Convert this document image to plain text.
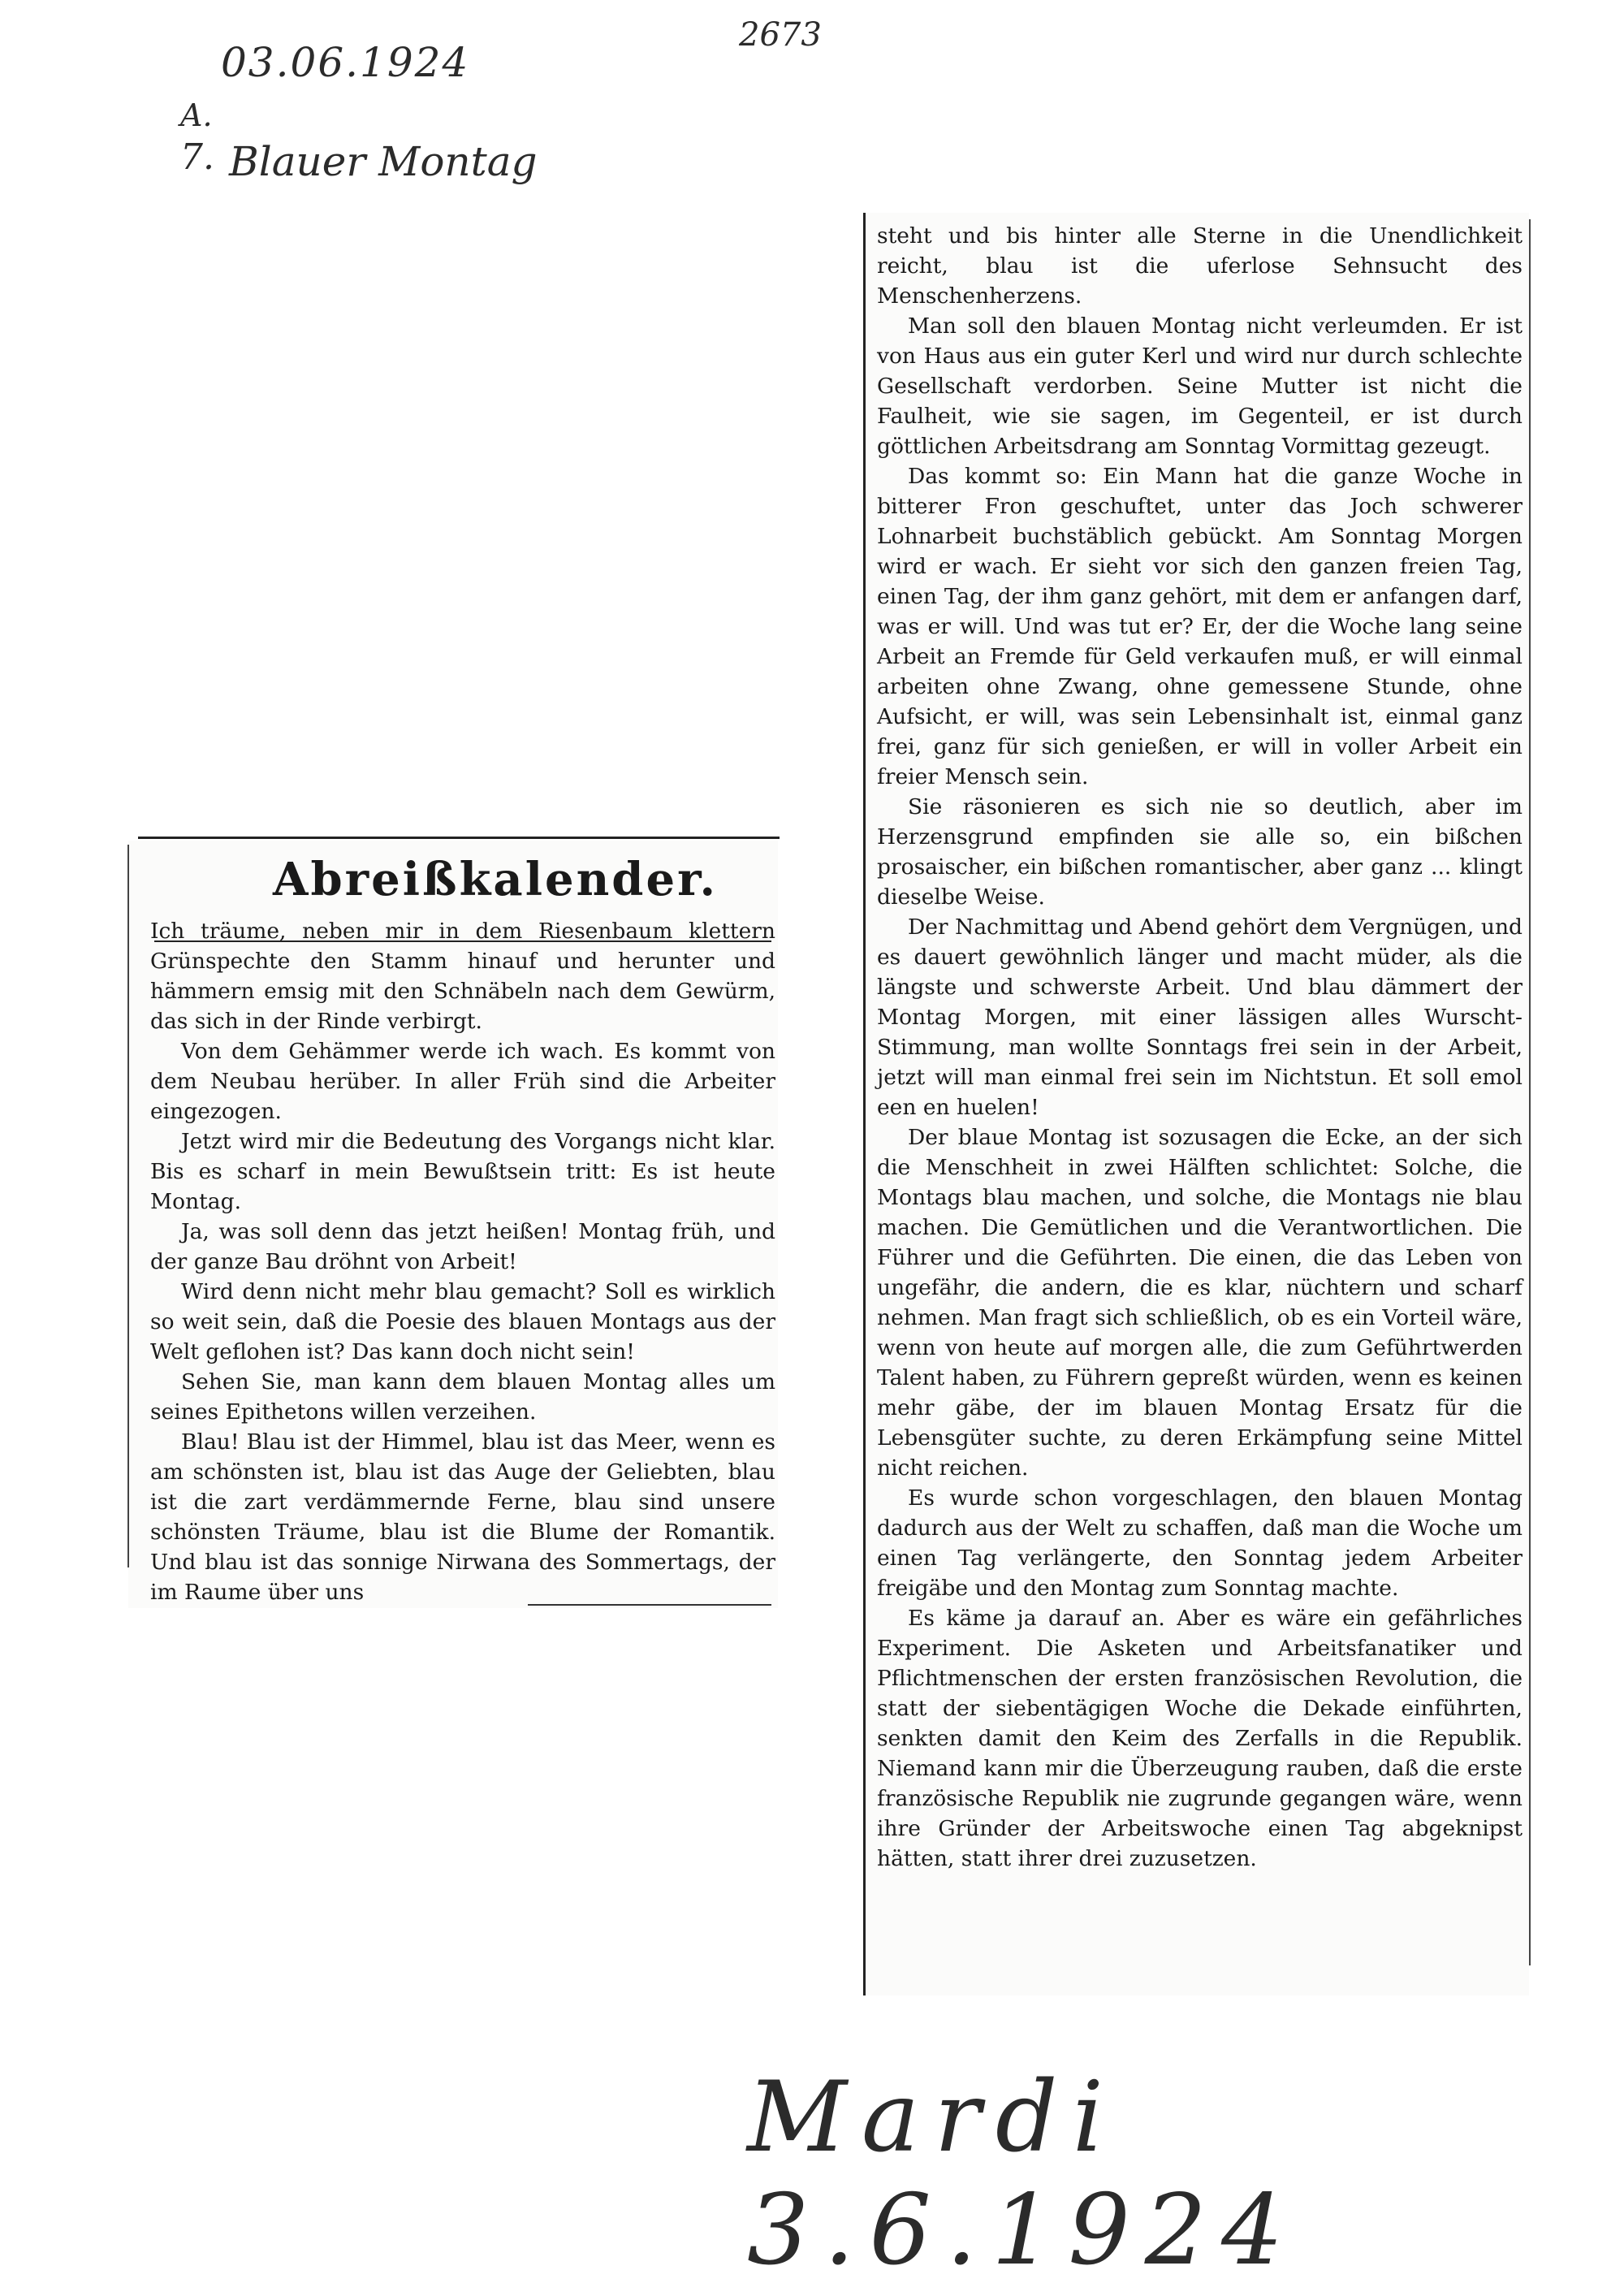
03.06.1924
2673
A.
7. Blauer Montag
Abreißkalender.

Ich träume, neben mir in dem Riesenbaum klettern Grünspechte den Stamm hinauf und herunter und hämmern emsig mit den Schnäbeln nach dem Gewürm, das sich in der Rinde verbirgt.

Von dem Gehämmer werde ich wach. Es kommt von dem Neubau herüber. In aller Früh sind die Arbeiter eingezogen.

Jetzt wird mir die Bedeutung des Vorgangs nicht klar. Bis es scharf in mein Bewußtsein tritt: Es ist heute Montag.

Ja, was soll denn das jetzt heißen! Montag früh, und der ganze Bau dröhnt von Arbeit!

Wird denn nicht mehr blau gemacht? Soll es wirklich so weit sein, daß die Poesie des blauen Montags aus der Welt geflohen ist? Das kann doch nicht sein!

Sehen Sie, man kann dem blauen Montag alles um seines Epithetons willen verzeihen.

Blau! Blau ist der Himmel, blau ist das Meer, wenn es am schönsten ist, blau ist das Auge der Geliebten, blau ist die zart verdämmernde Ferne, blau sind unsere schönsten Träume, blau ist die Blume der Romantik. Und blau ist das sonnige Nirwana des Sommertags, der im Raume über uns

steht und bis hinter alle Sterne in die Unendlichkeit reicht, blau ist die uferlose Sehnsucht des Menschenherzens.

Man soll den blauen Montag nicht verleumden. Er ist von Haus aus ein guter Kerl und wird nur durch schlechte Gesellschaft verdorben. Seine Mutter ist nicht die Faulheit, wie sie sagen, im Gegenteil, er ist durch göttlichen Arbeitsdrang am Sonntag Vormittag gezeugt.

Das kommt so: Ein Mann hat die ganze Woche in bitterer Fron geschuftet, unter das Joch schwerer Lohnarbeit buchstäblich gebückt. Am Sonntag Morgen wird er wach. Er sieht vor sich den ganzen freien Tag, einen Tag, der ihm ganz gehört, mit dem er anfangen darf, was er will. Und was tut er? Er, der die Woche lang seine Arbeit an Fremde für Geld verkaufen muß, er will einmal arbeiten ohne Zwang, ohne gemessene Stunde, ohne Aufsicht, er will, was sein Lebensinhalt ist, einmal ganz frei, ganz für sich genießen, er will in voller Arbeit ein freier Mensch sein.

Sie räsonieren es sich nie so deutlich, aber im Herzensgrund empfinden sie alle so, ein bißchen prosaischer, ein bißchen romantischer, aber ganz ... klingt dieselbe Weise.

Der Nachmittag und Abend gehört dem Vergnügen, und es dauert gewöhnlich länger und macht müder, als die längste und schwerste Arbeit. Und blau dämmert der Montag Morgen, mit einer lässigen alles Wurscht-Stimmung, man wollte Sonntags frei sein in der Arbeit, jetzt will man einmal frei sein im Nichtstun. Et soll emol een en huelen!

Der blaue Montag ist sozusagen die Ecke, an der sich die Menschheit in zwei Hälften schlichtet: Solche, die Montags blau machen, und solche, die Montags nie blau machen. Die Gemütlichen und die Verantwortlichen. Die Führer und die Geführten. Die einen, die das Leben von ungefähr, die andern, die es klar, nüchtern und scharf nehmen. Man fragt sich schließlich, ob es ein Vorteil wäre, wenn von heute auf morgen alle, die zum Geführtwerden Talent haben, zu Führern gepreßt würden, wenn es keinen mehr gäbe, der im blauen Montag Ersatz für die Lebensgüter suchte, zu deren Erkämpfung seine Mittel nicht reichen.

Es wurde schon vorgeschlagen, den blauen Montag dadurch aus der Welt zu schaffen, daß man die Woche um einen Tag verlängerte, den Sonntag jedem Arbeiter freigäbe und den Montag zum Sonntag machte.

Es käme ja darauf an. Aber es wäre ein gefährliches Experiment. Die Asketen und Arbeitsfanatiker und Pflichtmenschen der ersten französischen Revolution, die statt der siebentägigen Woche die Dekade einführten, senkten damit den Keim des Zerfalls in die Republik. Niemand kann mir die Überzeugung rauben, daß die erste französische Republik nie zugrunde gegangen wäre, wenn ihre Gründer der Arbeitswoche einen Tag abgeknipst hätten, statt ihrer drei zuzusetzen.

Mardi 3.6.1924
